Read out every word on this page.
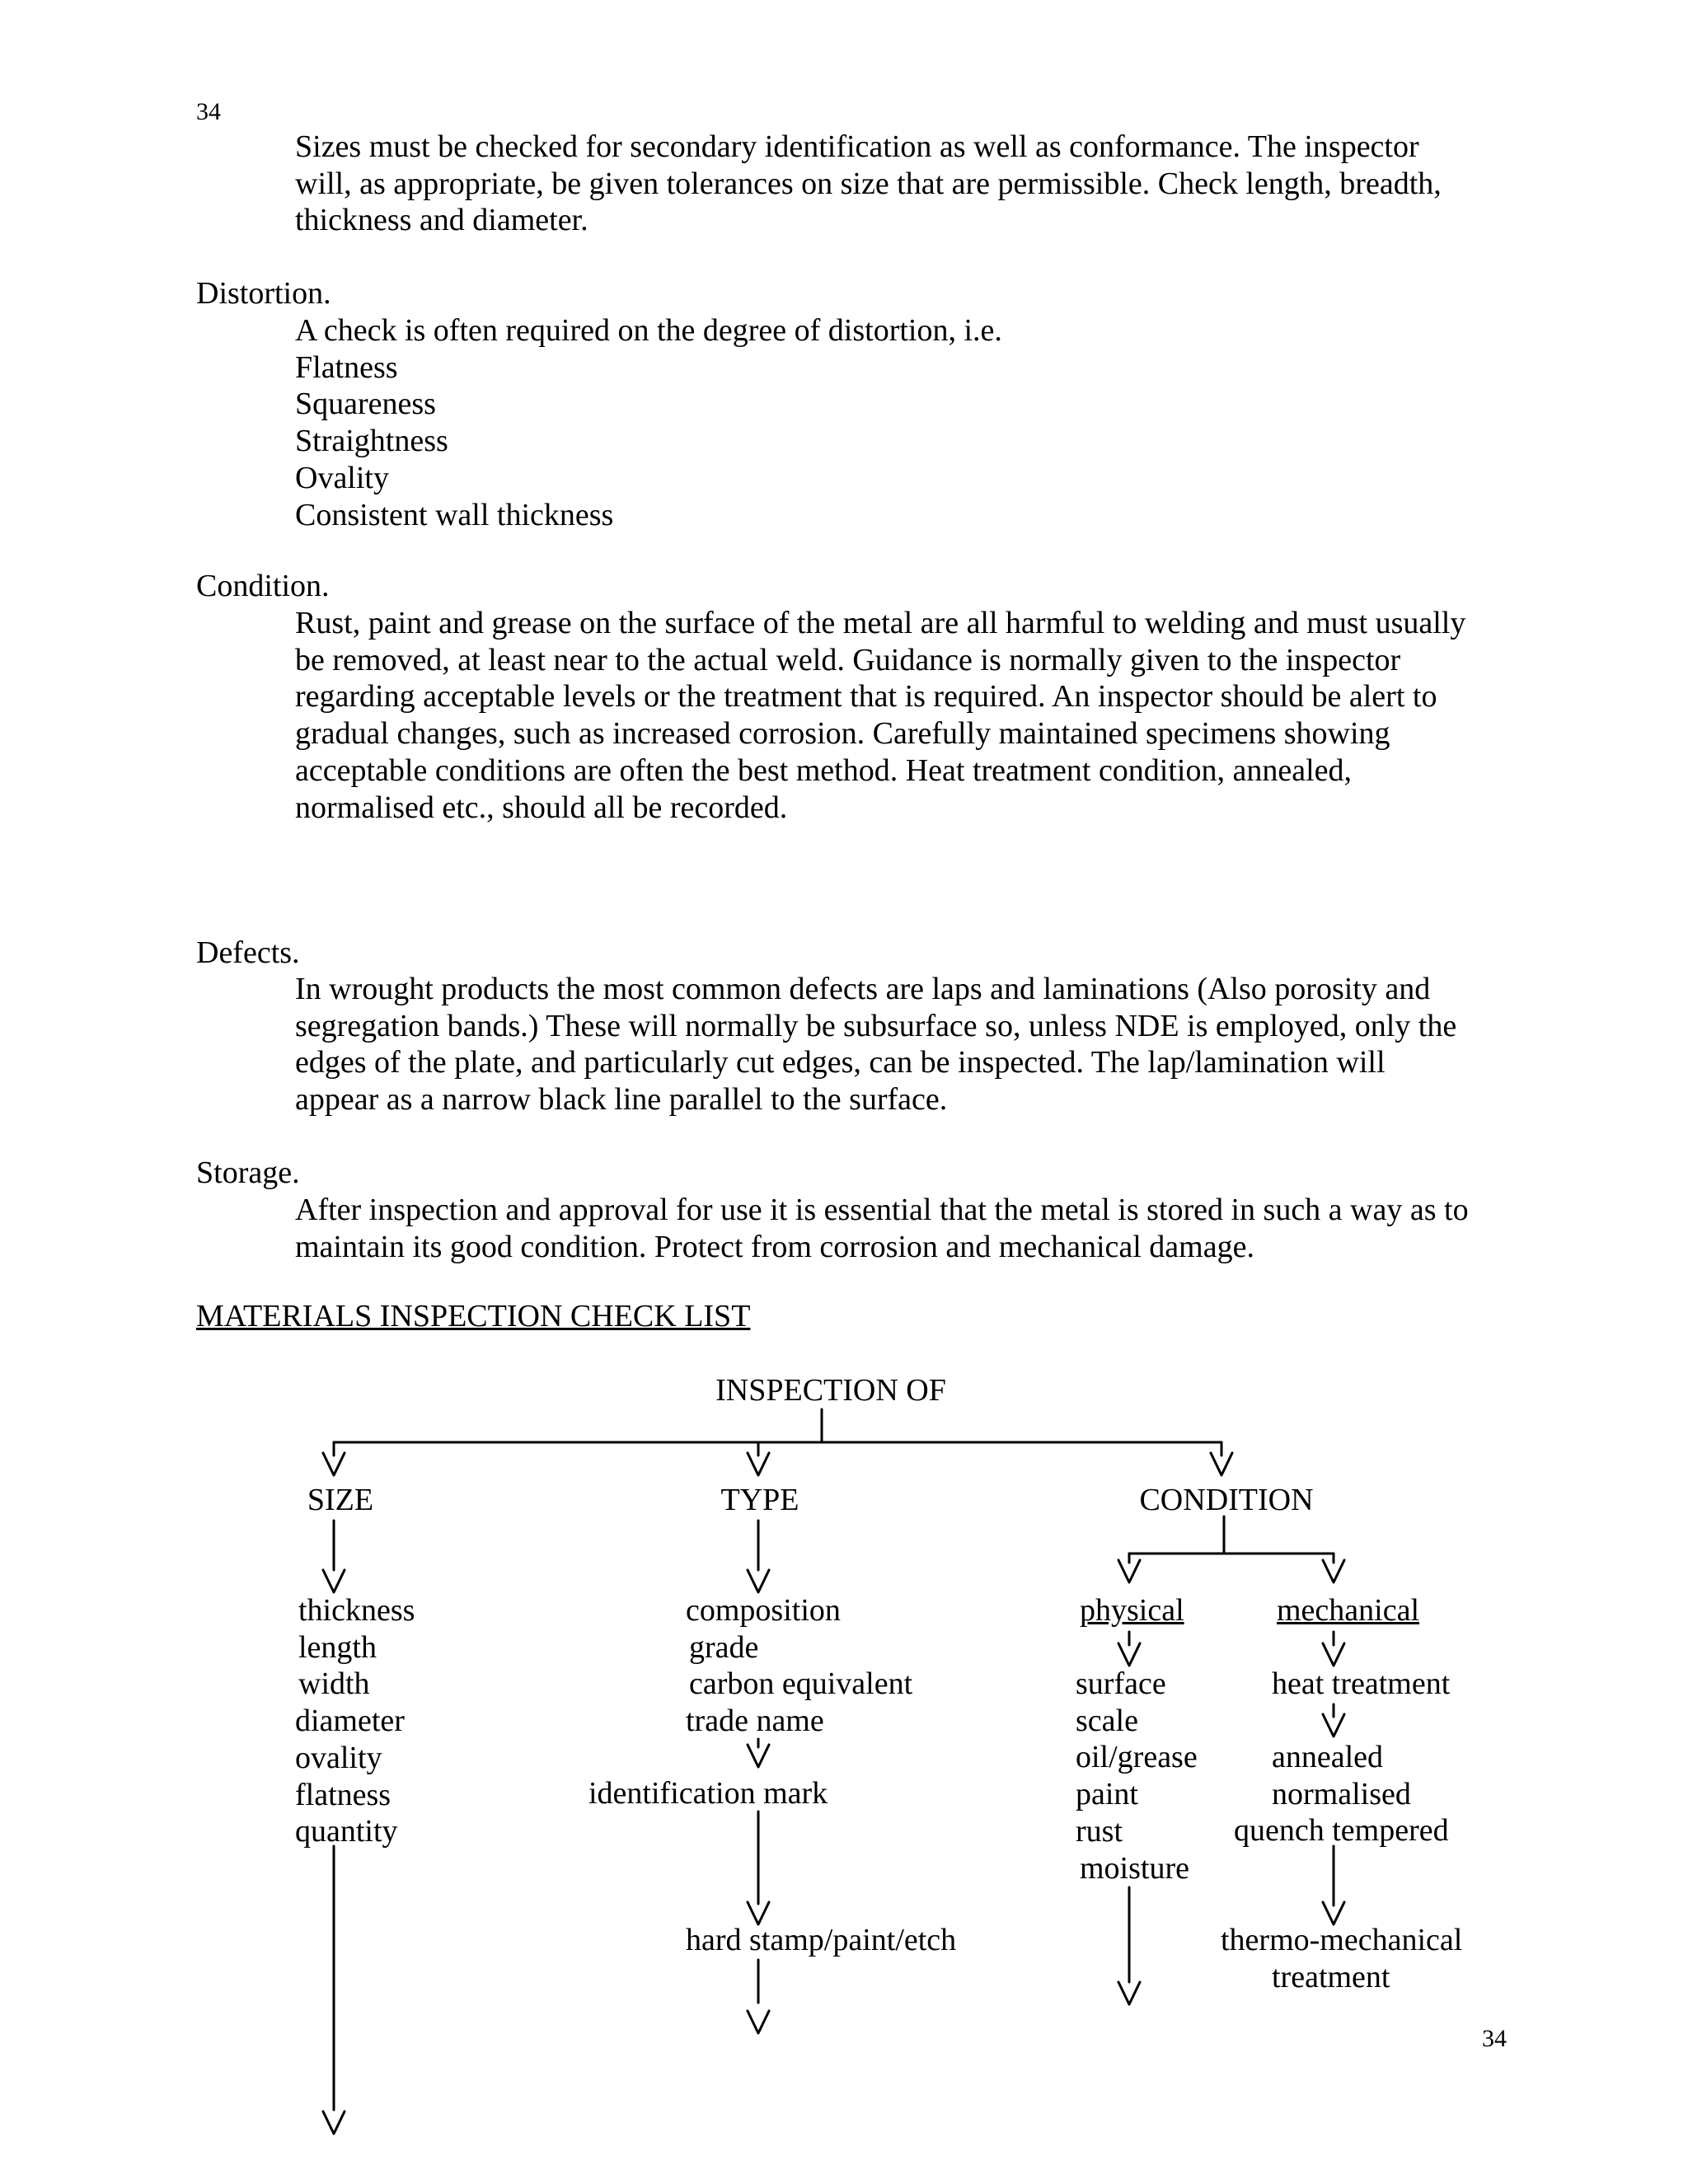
34
Sizes must be checked for secondary identification as well as conformance. The inspector
will, as appropriate, be given tolerances on size that are permissible. Check length, breadth,
thickness and diameter.
Distortion.
A check is often required on the degree of distortion, i.e.
Flatness
Squareness
Straightness
Ovality
Consistent wall thickness
Condition.
Rust, paint and grease on the surface of the metal are all harmful to welding and must usually
be removed, at least near to the actual weld. Guidance is normally given to the inspector
regarding acceptable levels or the treatment that is required. An inspector should be alert to
gradual changes, such as increased corrosion. Carefully maintained specimens showing
acceptable conditions are often the best method. Heat treatment condition, annealed,
normalised etc., should all be recorded.
Defects.
In wrought products the most common defects are laps and laminations (Also porosity and
segregation bands.) These will normally be subsurface so, unless NDE is employed, only the
edges of the plate, and particularly cut edges, can be inspected. The lap/lamination will
appear as a narrow black line parallel to the surface.
Storage.
After inspection and approval for use it is essential that the metal is stored in such a way as to
maintain its good condition. Protect from corrosion and mechanical damage.
MATERIALS INSPECTION CHECK LIST
INSPECTION OF
SIZE	TYPE	CONDITION
thickness
length
width
diameter
ovality
flatness
quantity
composition
grade
carbon equivalent
trade name
identification mark
hard stamp/paint/etch
physical
surface
scale
oil/grease
paint
rust
moisture
mechanical
heat treatment
annealed
normalised
quench tempered
thermo-mechanical
treatment
34
